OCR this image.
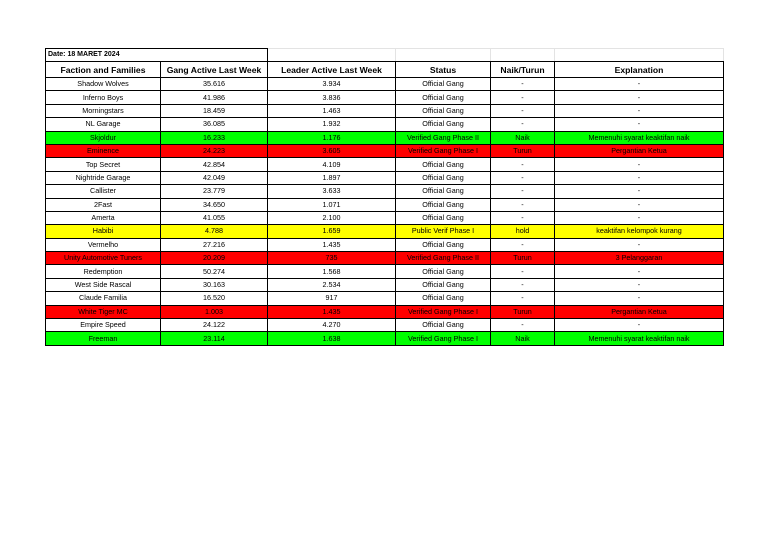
Date: 18 MARET 2024					
Faction and Families	Gang Active Last Week	Leader Active Last Week	Status	Naik/Turun	Explanation
Shadow Wolves	35.616	3.934	Official Gang	-	-
Inferno Boys	41.986	3.836	Official Gang	-	-
Morningstars	18.459	1.463	Official Gang	-	-
NL Garage	36.085	1.932	Official Gang	-	-
Skjoldur	16.233	1.176	Verified Gang Phase II	Naik	Memenuhi syarat keaktifan naik
Eminence	24.223	3.605	Verified Gang Phase I	Turun	Pergantian Ketua
Top Secret	42.854	4.109	Official Gang	-	-
Nightride Garage	42.049	1.897	Official Gang	-	-
Callister	23.779	3.633	Official Gang	-	-
2Fast	34.650	1.071	Official Gang	-	-
Amerta	41.055	2.100	Official Gang	-	-
Habibi	4.788	1.659	Public Verif Phase I	hold	keaktifan kelompok kurang
Vermelho	27.216	1.435	Official Gang	-	-
Unity Automotive Tuners	20.209	735	Verified Gang Phase II	Turun	3 Pelanggaran
Redemption	50.274	1.568	Official Gang	-	-
West Side Rascal	30.163	2.534	Official Gang	-	-
Claude Familia	16.520	917	Official Gang	-	-
White Tiger MC	1.003	1.435	Verified Gang Phase I	Turun	Pergantian Ketua
Empire Speed	24.122	4.270	Official Gang	-	-
Freeman	23.114	1.638	Verified Gang Phase I	Naik	Memenuhi syarat keaktifan naik
